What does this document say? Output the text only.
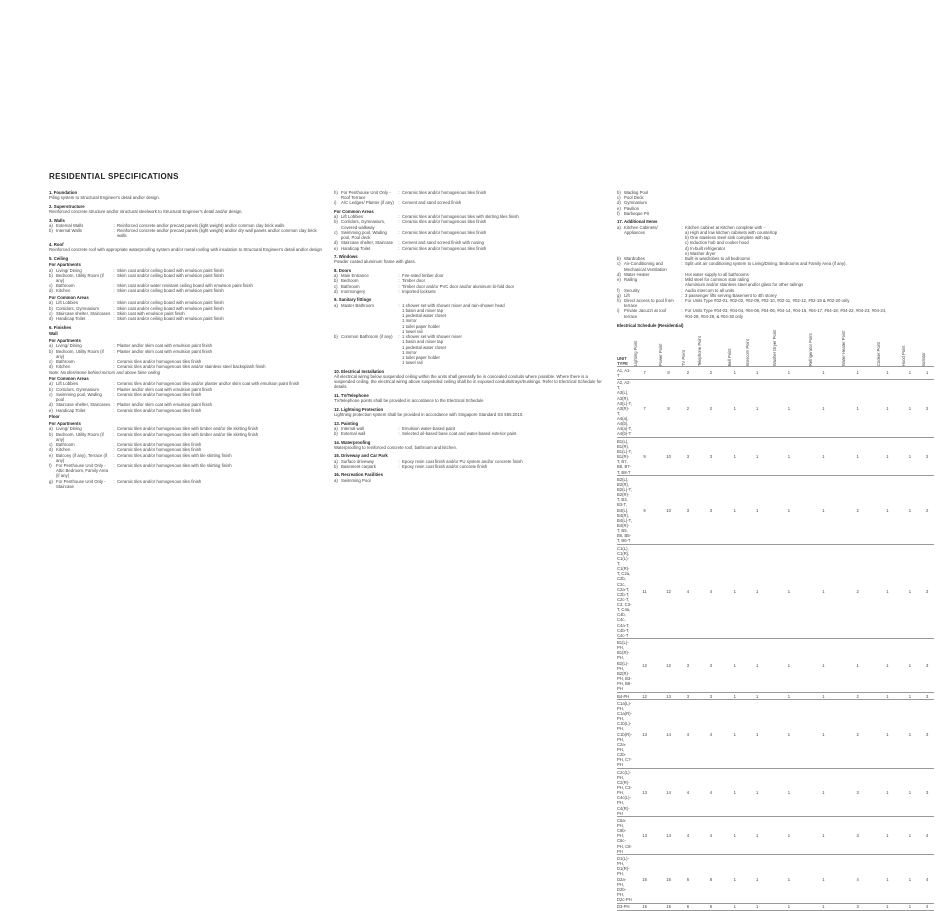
RESIDENTIAL SPECIFICATIONS
1. Foundation
Piling system to Structural Engineer's detail and/or design.
2. Superstructure
Reinforced concrete structure and/or structural steelwork to Structural Engineer's detail and/or design.
3. Walls
a) External Walls	: Reinforced concrete and/or precast panels (light weight) and/or common clay brick walls
b) Internal Walls	: Reinforced concrete and/or precast panels (light weight) and/or dry wall panels and/or common clay brick walls
4. Roof
Reinforced concrete roof with appropriate waterproofing system and/or metal roofing with insulation to Structural Engineer's detail and/or design
5. Ceiling
For Apartments
a) Living/ Dining	: Skim coat and/or ceiling board with emulsion paint finish
b) Bedroom, Utility Room (if any)
: Skim coat and/or ceiling board with emulsion paint finish
c) Bathroom	: Skim coat and/or water resistant ceiling board with emulsion paint finish
d) Kitchen	: Skim coat and/or ceiling board with emulsion paint finish
For Common Areas
a) Lift Lobbies	: Skim coat and/or ceiling board with emulsion paint finish
b) Corridors, Gymnasium	: Skim coat and/or ceiling board with emulsion paint finish
c) Staircase shelter, Staircases : Skim coat with emulsion paint finish
d) Handicap Toilet	: Skim coat and/or ceiling board with emulsion paint finish
6. Finishes
Wall
For Apartments
a) Living/ Dining	: Plaster and/or skim coat with emulsion paint finish
b) Bedroom, Utility Room (if any)
: Plaster and/or skim coat with emulsion paint finish
c) Bathroom	: Ceramic tiles and/or homogenous tiles finish
d) Kitchen	: Ceramic tiles and/or homogenous tiles and/or stainless steel backsplash finish
Note: No tiles/stone behind mirrors and above false ceiling
For Common Areas
a) Lift Lobbies	: Ceramic tiles and/or homogenous tiles and/or plaster and/or skim coat with emulsion paint finish
b) Corridors, Gymnasium	: Plaster and/or skim coat with emulsion paint finish
c) Swimming pool, Wading pool
: Ceramic tiles and/or homogenous tiles finish
d) Staircase shelter, Staircases : Plaster and/or skim coat with emulsion paint finish
e) Handicap Toilet	: Ceramic tiles and/or homogenous tiles finish
Floor
For Apartments
a) Living/ Dining	: Ceramic tiles and/or homogenous tiles with timber and/or tile skirting finish
b) Bedroom, Utility Room (if any)
: Ceramic tiles and/or homogenous tiles with timber and/or tile skirting finish
c) Bathroom	: Ceramic tiles and/or homogenous tiles finish
d) Kitchen	: Ceramic tiles and/or homogenous tiles finish
e) Balcony (if any), Terrace (if any)
: Ceramic tiles and/or homogenous tiles with tile skirting finish
f)	For Penthouse Unit Only - Attic Bedroom, Family Area (if any)
: Ceramic tiles and/or homogenous tiles with tile skirting finish
g) For Penthouse Unit Only - Staircase
: Ceramic tiles and/or homogenous tiles finish
h) For Penthouse Unit Only - Roof Terrace
: Ceramic tiles and/or homogenous tiles finish
i)	A/C Ledges/ Planter (if any)	: Cement and sand screed finish
For Common Areas
a) Lift Lobbies	: Ceramic tiles and/or homogenous tiles with skirting tiles finish
b) Corridors, Gymnasium, Covered walkway
: Ceramic tiles and/or homogenous tiles finish
c) Swimming pool, Wading pool, Pool deck
: Ceramic tiles and/or homogenous tiles finish
d) Staircase shelter, Staircase	: Cement and sand screed finish with nosing
e) Handicap Toilet	: Ceramic tiles and/or homogenous tiles finish
7. Windows
Powder coated aluminum frame with glass.
8. Doors
a) Main Entrance	: Fire-rated timber door
b) Bedroom	: Timber door
c) Bathroom	: Timber door and/or PVC door and/or aluminum bi-fold door
d) Ironmongery	: Imported locksets
9. Sanitary fittings
a) Master Bathroom	: 1 shower set with shower mixer and rain-shower head
1 basin and mixer tap
1 pedestal water closet
1 mirror
1 toilet paper holder
1 towel rail
b) Common Bathroom (if any)	: 1 shower set with shower mixer
1 basin and mixer tap
1 pedestal water closet
1 mirror
1 toilet paper holder
1 towel rail
10. Electrical Installation
All electrical wiring below suspended ceiling within the units shall generally be in concealed conduits where possible. Where there is a suspended ceiling, the electrical wiring above suspended ceiling shall be in exposed conduits/trays/trunkings. Refer to Electrical Schedule for details.
11. TV/Telephone
TV/telephone points shall be provided in accordance to the Electrical Schedule
12. Lightning Protection
Lightning protection system shall be provided in accordance with Singapore Standard SS 555:2010.
13. Painting
a) Internal wall	: Emulsion water-based paint
b) External wall	: Selected oil-based base coat and water-based exterior paint
14. Waterproofing
Waterproofing to reinforced concrete roof, bathroom and kitchen.
15. Driveway and Car Park
a) Surface driveway	: Epoxy resin coat finish and/or PU system and/or concrete finish
b) Basement carpark	: Epoxy resin coat finish and/or concrete finish
16. Recreation Facilities
a) Swimming Pool
b) Wading Pool
c) Pool Deck
d) Gymnasium
e) Pavilion
f)	Barbeque Pit
17. Additional Items
a) Kitchen Cabinets/ Appliances
: Kitchen cabinet at Kitchen complete with -
a) High and low kitchen cabinets with countertop
b) One stainless steel sink complete with tap
c) Induction hob and cooker hood
d) In-built refrigerator
e) Washer dryer
b) Wardrobes	: Built-in wardrobes to all bedrooms
c) Air-Conditioning and Mechanical Ventilation
: Split unit air conditioning system to Living/Dining, Bedrooms and Family Area (if any).
d) Water Heater	: Hot water supply to all bathrooms
e) Railing	: Mild steel for common stair railing
Aluminium and/or stainless steel and/or glass for other railings
f)	Security	: Audio intercom to all units
g) Lift	: 3 passenger lifts serving Basement to 4th storey
h) Direct access to pool from terrace
: For Units Type #02-01, #02-02, #02-09, #02-10, #02-11, #02-12, #02-19 & #02-20 only
i)	Private Jacuzzi at roof terrace
: For Units Type #04-03, #04-04, #04-06, #04-06, #04-14, #04-16, #04-17, #04-18, #04-22, #04-23, #04-24, #04-28, #04-29, & #04-30 only
Electrical Schedule (Residential)
UNIT TYPE	Lighting Point	Power Point	TV Point	Telephone Point	Bell Point	Intercom Point	Washer Dryer Point	Refrigerator Point	Water Heater Point	Cooker Point	Hood Point	Isolator
A1, A1-T	7	8	2	2	1	1	1	1	1	1	1	1
A2, A2-T, A3(L), A3(R), A3(L)-T, A3(R)-T, A4(a), A4(b), A4(a)-T, A4(b)-T	7	8	2	2	1	1	1	1	1	1	1	2
B1(L), B1(R), B1(L)-T, B1(R)-T, B7, B8, B7-T, B8-T	9	10	3	3	1	1	1	1	1	1	1	2
B2(L), B2(R), B2(L)-T, B2(R)-T, B3, B3-T, B4(L), B4(R), B4(L)-T, B4(R)-T, B5, B6, B5-T, B6-T	9	10	3	3	1	1	1	1	2	1	1	2
C1(L), C1(R), C1(L)-T, C1(R)-T, C2a, C2b, C2c, C2a-T, C2b-T, C2c-T, C3, C3-T, C4a, C4b, C4c, C4a-T, C4b-T, C4c-T	11	12	4	4	1	1	1	1	2	1	1	3
B1(L)-PH, B1(R)-PH, B2(L)-PH, B2(R)-PH, B3-PH, B6-PH	12	12	3	3	1	1	1	1	1	1	1	3
B4-PH	12	13	3	3	1	1	1	1	2	1	1	3
C1a(L)-PH, C1a(R)-PH, C1b(L)-PH, C1b(R)-PH, C2a-PH, C2b-PH, C7-PH	13	14	4	4	1	1	1	1	2	1	1	3
C2c(L)-PH, C2(R)-PH, C3-PH, C4c(L)-PH, C4(R)-PH	13	14	4	4	1	1	1	1	3	1	1	3
C6a-PH, C6b-PH, C6c-PH, C8-PH	13	14	4	4	1	1	1	1	3	1	1	4
D1(L)-PH, D1(R)-PH, D2a-PH, D2b-PH, D2c-PH	16	16	6	8	1	1	1	1	4	1	1	4
D3-PH	16	16	6	6	1	1	1	1	3	1	1	4
